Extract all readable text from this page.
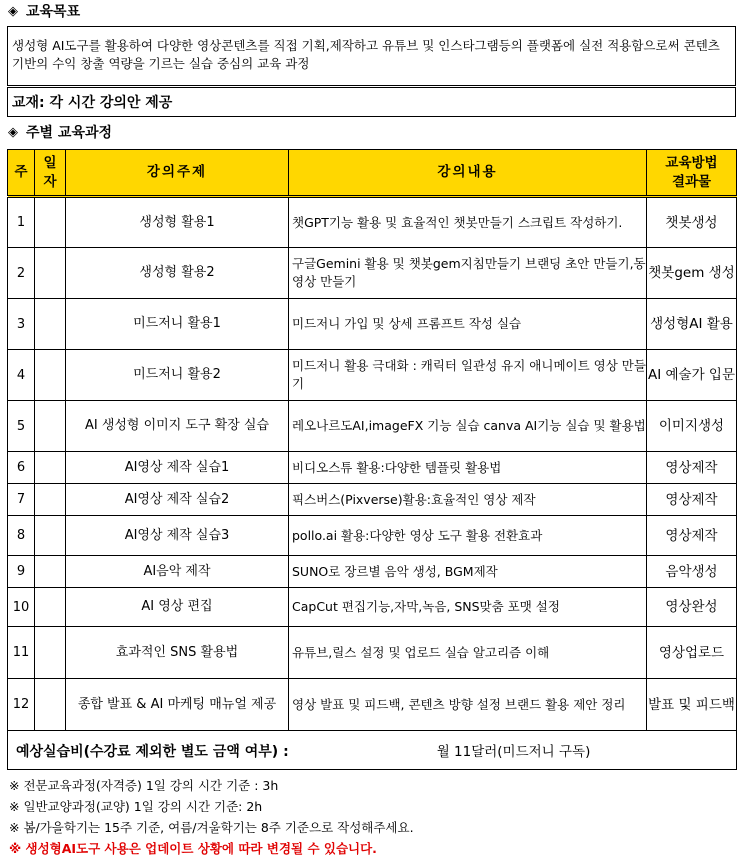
◈ 교육목표
생성형 AI도구를 활용하여 다양한 영상콘텐츠를 직접 기획,제작하고 유튜브 및 인스타그램등의 플랫폼에 실전 적용함으로써 콘텐츠 기반의 수익 창출 역량을 기르는 실습 중심의 교육 과정
교재: 각 시간 강의안 제공
◈ 주별 교육과정
주	일자	강의주제	강의내용	교육방법 결과물

1		생성형 활용1	챗GPT기능 활용 및 효율적인 챗봇만들기 스크립트 작성하기.	챗봇생성
2		생성형 활용2	구글Gemini 활용 및 챗봇gem지침만들기 브랜딩 초안 만들기,동영상 만들기	챗봇gem 생성
3		미드저니 활용1	미드저니 가입 및 상세 프롬프트 작성 실습	생성형AI 활용
4		미드저니 활용2	미드저니 활용 극대화 : 캐릭터 일관성 유지 애니메이트 영상 만들기	AI 예술가 입문
5		AI 생성형 이미지 도구 확장 실습	레오나르도AI,imageFX 기능 실습 canva AI기능 실습 및 활용법	이미지생성
6		AI영상 제작 실습1	비디오스튜 활용:다양한 템플릿 활용법	영상제작
7		AI영상 제작 실습2	픽스버스(Pixverse)활용:효율적인 영상 제작	영상제작
8		AI영상 제작 실습3	pollo.ai 활용:다양한 영상 도구 활용 전환효과	영상제작
9		AI음악 제작	SUNO로 장르별 음악 생성, BGM제작	음악생성
10		AI 영상 편집	CapCut 편집기능,자막,녹음, SNS맞춤 포맷 설정	영상완성
11		효과적인 SNS 활용법	유튜브,릴스 설정 및 업로드 실습 알고리즘 이해	영상업로드
12		종합 발표 & AI 마케팅 매뉴얼 제공	영상 발표 및 피드백, 콘텐츠 방향 설정 브랜드 활용 제안 정리	발표 및 피드백
예상실습비(수강료 제외한 별도 금액 여부) : 월 11달러(미드저니 구독)				
※ 전문교육과정(자격증) 1일 강의 시간 기준 : 3h
※ 일반교양과정(교양) 1일 강의 시간 기준: 2h
※ 봄/가을학기는 15주 기준, 여름/겨울학기는 8주 기준으로 작성해주세요.
※ 생성형AI도구 사용은 업데이트 상황에 따라 변경될 수 있습니다.
